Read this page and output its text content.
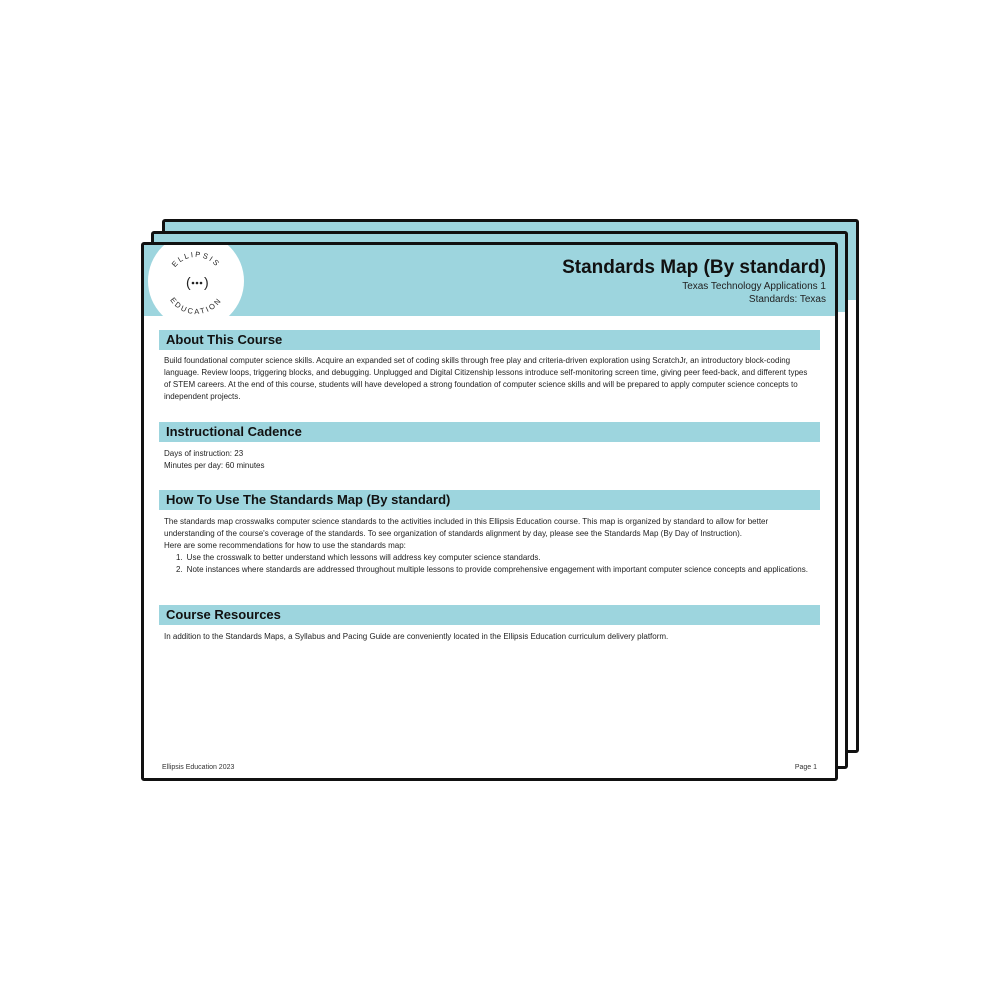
ELLIPSIS
EDUCATION
( )
Standards Map (By standard)
Texas Technology Applications 1
Standards: Texas
About This Course

Build foundational computer science skills. Acquire an expanded set of coding skills through free play and criteria-driven exploration using ScratchJr, an introductory block-coding language. Review loops, triggering blocks, and debugging. Unplugged and Digital Citizenship lessons introduce self-monitoring screen time, giving peer feed-back, and different types of STEM careers. At the end of this course, students will have developed a strong foundation of computer science skills and will be prepared to apply computer science concepts to independent projects.

Instructional Cadence

Days of instruction: 23

Minutes per day: 60 minutes

How To Use The Standards Map (By standard)

The standards map crosswalks computer science standards to the activities included in this Ellipsis Education course. This map is organized by standard to allow for better understanding of the course's coverage of the standards. To see organization of standards alignment by day, please see the Standards Map (By Day of Instruction).

Here are some recommendations for how to use the standards map:

1. Use the crosswalk to better understand which lessons will address key computer science standards.
2. Note instances where standards are addressed throughout multiple lessons to provide comprehensive engagement with important computer science concepts and applications.
Course Resources

In addition to the Standards Maps, a Syllabus and Pacing Guide are conveniently located in the Ellipsis Education curriculum delivery platform.

Ellipsis Education 2023	Page 1
